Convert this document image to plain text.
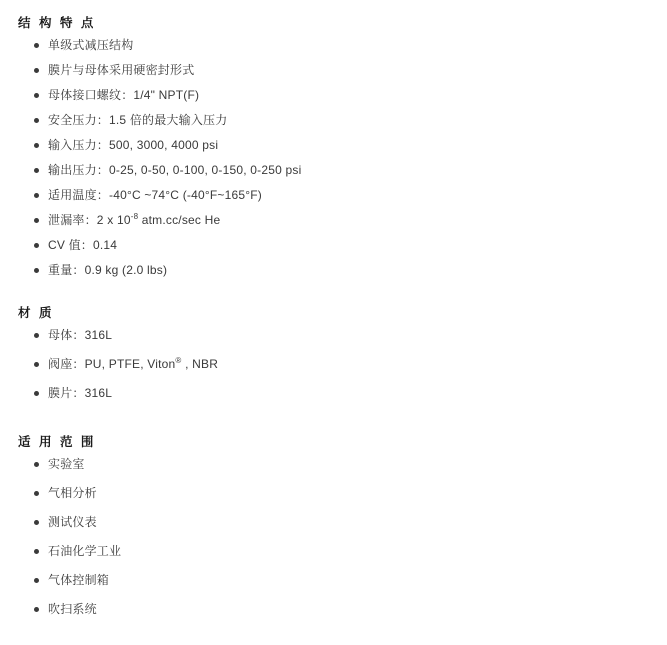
结 构 特 点
单级式减压结构
膜片与母体采用硬密封形式
母体接口螺纹：1/4" NPT(F)
安全压力：1.5 倍的最大输入压力
输入压力：500, 3000, 4000 psi
输出压力：0-25, 0-50, 0-100, 0-150, 0-250 psi
适用温度：-40°C ~74°C (-40°F~165°F)
泄漏率：2 x $10^{-8}$ atm.cc/sec He
CV 值：0.14
重量：0.9 kg (2.0 lbs)
材 质
母体：316L
阀座：PU, PTFE, Viton® , NBR
膜片：316L
适 用 范 围
实验室
气相分析
测试仪表
石油化学工业
气体控制箱
吹扫系统
